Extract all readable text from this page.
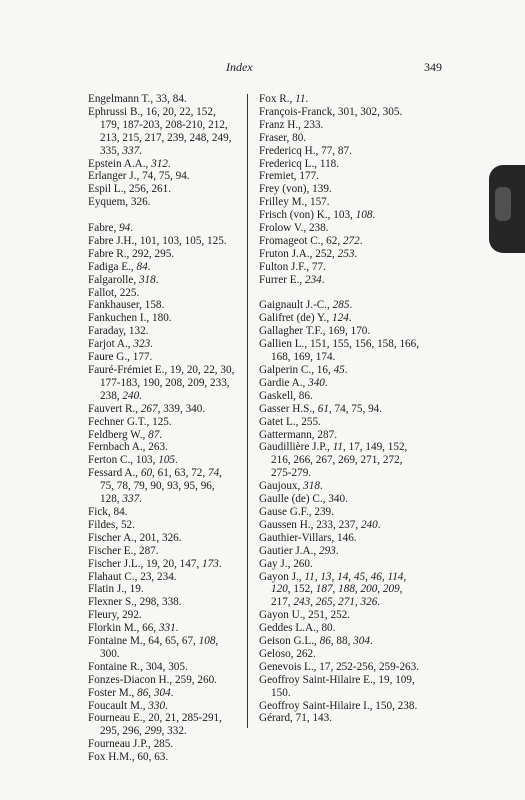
Index	349
Engelmann T., 33, 84.
Ephrussi B., 16, 20, 22, 152, 179, 187-203, 208-210, 212, 213, 215, 217, 239, 248, 249, 335, 337.
Epstein A.A., 312.
Erlanger J., 74, 75, 94.
Espil L., 256, 261.
Eyquem, 326.
Fabre, 94.
Fabre J.H., 101, 103, 105, 125.
Fabre R., 292, 295.
Fadiga E., 84.
Falgarolle, 318.
Fallot, 225.
Fankhauser, 158.
Fankuchen I., 180.
Faraday, 132.
Farjot A., 323.
Faure G., 177.
Fauré-Frémiet E., 19, 20, 22, 30, 177-183, 190, 208, 209, 233, 238, 240.
Fauvert R., 267, 339, 340.
Fechner G.T., 125.
Feldberg W., 87.
Fernbach A., 263.
Ferton C., 103, 105.
Fessard A., 60, 61, 63, 72, 74, 75, 78, 79, 90, 93, 95, 96, 128, 337.
Fick, 84.
Fildes, 52.
Fischer A., 201, 326.
Fischer E., 287.
Fischer J.L., 19, 20, 147, 173.
Flahaut C., 23, 234.
Flatin J., 19.
Flexner S., 298, 338.
Fleury, 292.
Florkin M., 66, 331.
Fontaine M., 64, 65, 67, 108, 300.
Fontaine R., 304, 305.
Fonzes-Diacon H., 259, 260.
Foster M., 86, 304.
Foucault M., 330.
Fourneau E., 20, 21, 285-291, 295, 296, 299, 332.
Fourneau J.P., 285.
Fox H.M., 60, 63.
Fox R., 11.
François-Franck, 301, 302, 305.
Franz H., 233.
Fraser, 80.
Fredericq H., 77, 87.
Fredericq L., 118.
Fremiet, 177.
Frey (von), 139.
Frilley M., 157.
Frisch (von) K., 103, 108.
Frolow V., 238.
Fromageot C., 62, 272.
Fruton J.A., 252, 253.
Fulton J.F., 77.
Furrer E., 234.
Gaignault J.-C., 285.
Galifret (de) Y., 124.
Gallagher T.F., 169, 170.
Gallien L., 151, 155, 156, 158, 166, 168, 169, 174.
Galperin C., 16, 45.
Gardie A., 340.
Gaskell, 86.
Gasser H.S., 61, 74, 75, 94.
Gatet L., 255.
Gattermann, 287.
Gaudillière J.P., 11, 17, 149, 152, 216, 266, 267, 269, 271, 272, 275-279.
Gaujoux, 318.
Gaulle (de) C., 340.
Gause G.F., 239.
Gaussen H., 233, 237, 240.
Gauthier-Villars, 146.
Gautier J.A., 293.
Gay J., 260.
Gayon J., 11, 13, 14, 45, 46, 114, 120, 152, 187, 188, 200, 209, 217, 243, 265, 271, 326.
Gayon U., 251, 252.
Geddes L.A., 80.
Geison G.L., 86, 88, 304.
Geloso, 262.
Genevois L., 17, 252-256, 259-263.
Geoffroy Saint-Hilaire E., 19, 109, 150.
Geoffroy Saint-Hilaire I., 150, 238.
Gérard, 71, 143.
